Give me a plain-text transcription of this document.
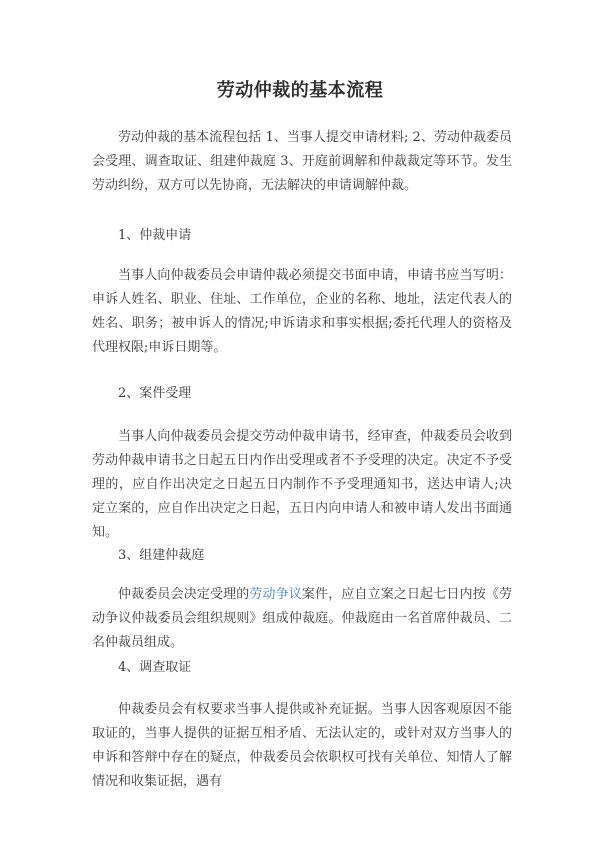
劳动仲裁的基本流程

劳动仲裁的基本流程包括 1、当事人提交申请材料; 2、劳动仲裁委员会受理、调查取证、组建仲裁庭 3、开庭前调解和仲裁裁定等环节。发生劳动纠纷，双方可以先协商，无法解决的申请调解仲裁。

1、仲裁申请

当事人向仲裁委员会申请仲裁必须提交书面申请，申请书应当写明：申诉人姓名、职业、住址、工作单位，企业的名称、地址，法定代表人的姓名、职务；被申诉人的情况;申诉请求和事实根据;委托代理人的资格及代理权限;申诉日期等。

2、案件受理

当事人向仲裁委员会提交劳动仲裁申请书，经审查，仲裁委员会收到劳动仲裁申请书之日起五日内作出受理或者不予受理的决定。决定不予受理的，应自作出决定之日起五日内制作不予受理通知书，送达申请人;决定立案的，应自作出决定之日起，五日内向申请人和被申请人发出书面通知。

3、组建仲裁庭

仲裁委员会决定受理的劳动争议案件，应自立案之日起七日内按《劳动争议仲裁委员会组织规则》组成仲裁庭。仲裁庭由一名首席仲裁员、二名仲裁员组成。

4、调查取证

仲裁委员会有权要求当事人提供或补充证据。当事人因客观原因不能取证的，当事人提供的证据互相矛盾、无法认定的，或针对双方当事人的申诉和答辩中存在的疑点，仲裁委员会依职权可找有关单位、知情人了解情况和收集证据，遇有
